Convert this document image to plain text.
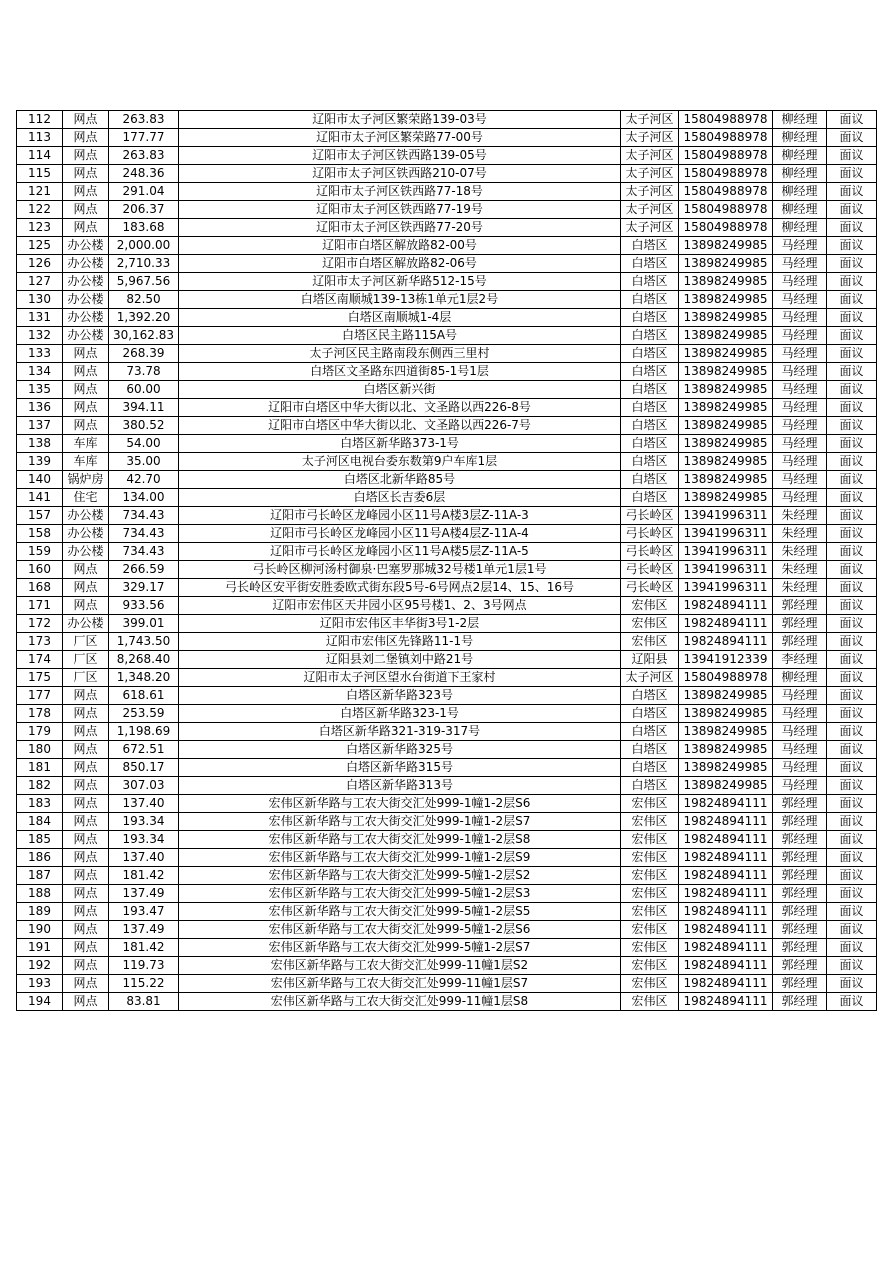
112	网点	263.83	辽阳市太子河区繁荣路139-03号	太子河区	15804988978	柳经理	面议
113	网点	177.77	辽阳市太子河区繁荣路77-00号	太子河区	15804988978	柳经理	面议
114	网点	263.83	辽阳市太子河区铁西路139-05号	太子河区	15804988978	柳经理	面议
115	网点	248.36	辽阳市太子河区铁西路210-07号	太子河区	15804988978	柳经理	面议
121	网点	291.04	辽阳市太子河区铁西路77-18号	太子河区	15804988978	柳经理	面议
122	网点	206.37	辽阳市太子河区铁西路77-19号	太子河区	15804988978	柳经理	面议
123	网点	183.68	辽阳市太子河区铁西路77-20号	太子河区	15804988978	柳经理	面议
125	办公楼	2,000.00	辽阳市白塔区解放路82-00号	白塔区	13898249985	马经理	面议
126	办公楼	2,710.33	辽阳市白塔区解放路82-06号	白塔区	13898249985	马经理	面议
127	办公楼	5,967.56	辽阳市太子河区新华路512-15号	白塔区	13898249985	马经理	面议
130	办公楼	82.50	白塔区南顺城139-13栋1单元1层2号	白塔区	13898249985	马经理	面议
131	办公楼	1,392.20	白塔区南顺城1-4层	白塔区	13898249985	马经理	面议
132	办公楼	30,162.83	白塔区民主路115A号	白塔区	13898249985	马经理	面议
133	网点	268.39	太子河区民主路南段东侧西三里村	白塔区	13898249985	马经理	面议
134	网点	73.78	白塔区文圣路东四道街85-1号1层	白塔区	13898249985	马经理	面议
135	网点	60.00	白塔区新兴街	白塔区	13898249985	马经理	面议
136	网点	394.11	辽阳市白塔区中华大街以北、文圣路以西226-8号	白塔区	13898249985	马经理	面议
137	网点	380.52	辽阳市白塔区中华大街以北、文圣路以西226-7号	白塔区	13898249985	马经理	面议
138	车库	54.00	白塔区新华路373-1号	白塔区	13898249985	马经理	面议
139	车库	35.00	太子河区电视台委东数第9户车库1层	白塔区	13898249985	马经理	面议
140	锅炉房	42.70	白塔区北新华路85号	白塔区	13898249985	马经理	面议
141	住宅	134.00	白塔区长吉委6层	白塔区	13898249985	马经理	面议
157	办公楼	734.43	辽阳市弓长岭区龙峰园小区11号A楼3层Z-11A-3	弓长岭区	13941996311	朱经理	面议
158	办公楼	734.43	辽阳市弓长岭区龙峰园小区11号A楼4层Z-11A-4	弓长岭区	13941996311	朱经理	面议
159	办公楼	734.43	辽阳市弓长岭区龙峰园小区11号A楼5层Z-11A-5	弓长岭区	13941996311	朱经理	面议
160	网点	266.59	弓长岭区柳河汤村御泉·巴塞罗那城32号楼1单元1层1号	弓长岭区	13941996311	朱经理	面议
168	网点	329.17	弓长岭区安平街安胜委欧式街东段5号-6号网点2层14、15、16号	弓长岭区	13941996311	朱经理	面议
171	网点	933.56	辽阳市宏伟区天井园小区95号楼1、2、3号网点	宏伟区	19824894111	郭经理	面议
172	办公楼	399.01	辽阳市宏伟区丰华街3号1-2层	宏伟区	19824894111	郭经理	面议
173	厂区	1,743.50	辽阳市宏伟区先锋路11-1号	宏伟区	19824894111	郭经理	面议
174	厂区	8,268.40	辽阳县刘二堡镇刘中路21号	辽阳县	13941912339	李经理	面议
175	厂区	1,348.20	辽阳市太子河区望水台街道下王家村	太子河区	15804988978	柳经理	面议
177	网点	618.61	白塔区新华路323号	白塔区	13898249985	马经理	面议
178	网点	253.59	白塔区新华路323-1号	白塔区	13898249985	马经理	面议
179	网点	1,198.69	白塔区新华路321-319-317号	白塔区	13898249985	马经理	面议
180	网点	672.51	白塔区新华路325号	白塔区	13898249985	马经理	面议
181	网点	850.17	白塔区新华路315号	白塔区	13898249985	马经理	面议
182	网点	307.03	白塔区新华路313号	白塔区	13898249985	马经理	面议
183	网点	137.40	宏伟区新华路与工农大街交汇处999-1幢1-2层S6	宏伟区	19824894111	郭经理	面议
184	网点	193.34	宏伟区新华路与工农大街交汇处999-1幢1-2层S7	宏伟区	19824894111	郭经理	面议
185	网点	193.34	宏伟区新华路与工农大街交汇处999-1幢1-2层S8	宏伟区	19824894111	郭经理	面议
186	网点	137.40	宏伟区新华路与工农大街交汇处999-1幢1-2层S9	宏伟区	19824894111	郭经理	面议
187	网点	181.42	宏伟区新华路与工农大街交汇处999-5幢1-2层S2	宏伟区	19824894111	郭经理	面议
188	网点	137.49	宏伟区新华路与工农大街交汇处999-5幢1-2层S3	宏伟区	19824894111	郭经理	面议
189	网点	193.47	宏伟区新华路与工农大街交汇处999-5幢1-2层S5	宏伟区	19824894111	郭经理	面议
190	网点	137.49	宏伟区新华路与工农大街交汇处999-5幢1-2层S6	宏伟区	19824894111	郭经理	面议
191	网点	181.42	宏伟区新华路与工农大街交汇处999-5幢1-2层S7	宏伟区	19824894111	郭经理	面议
192	网点	119.73	宏伟区新华路与工农大街交汇处999-11幢1层S2	宏伟区	19824894111	郭经理	面议
193	网点	115.22	宏伟区新华路与工农大街交汇处999-11幢1层S7	宏伟区	19824894111	郭经理	面议
194	网点	83.81	宏伟区新华路与工农大街交汇处999-11幢1层S8	宏伟区	19824894111	郭经理	面议
